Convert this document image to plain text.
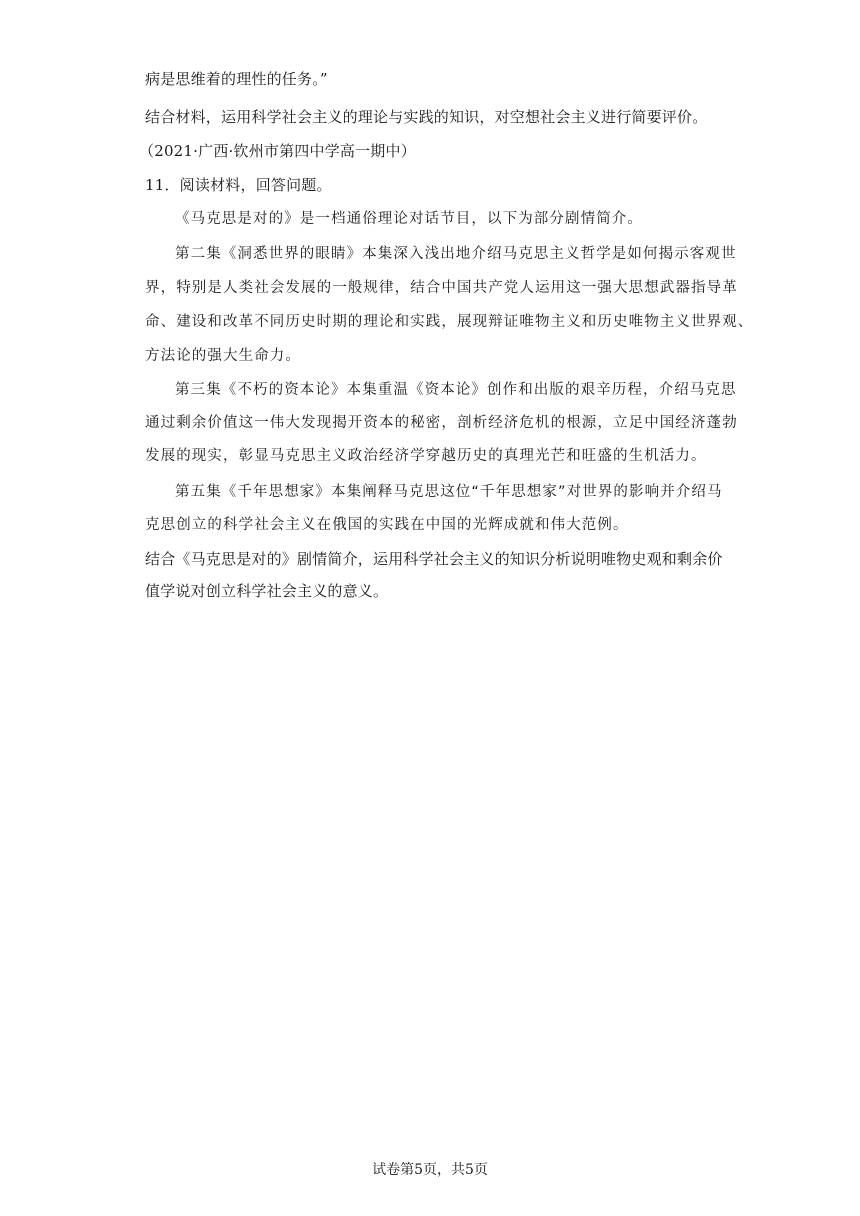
病是思维着的理性的任务。”
结合材料，运用科学社会主义的理论与实践的知识，对空想社会主义进行简要评价。
（2021·广西·钦州市第四中学高一期中）
11．阅读材料，回答问题。
《马克思是对的》是一档通俗理论对话节目，以下为部分剧情简介。
第二集《洞悉世界的眼睛》本集深入浅出地介绍马克思主义哲学是如何揭示客观世
界，特别是人类社会发展的一般规律，结合中国共产党人运用这一强大思想武器指导革
命、建设和改革不同历史时期的理论和实践，展现辩证唯物主义和历史唯物主义世界观、
方法论的强大生命力。
第三集《不朽的资本论》本集重温《资本论》创作和出版的艰辛历程，介绍马克思
通过剩余价值这一伟大发现揭开资本的秘密，剖析经济危机的根源，立足中国经济蓬勃
发展的现实，彰显马克思主义政治经济学穿越历史的真理光芒和旺盛的生机活力。
第五集《千年思想家》本集阐释马克思这位“千年思想家”对世界的影响并介绍马
克思创立的科学社会主义在俄国的实践在中国的光辉成就和伟大范例。
结合《马克思是对的》剧情简介，运用科学社会主义的知识分析说明唯物史观和剩余价
值学说对创立科学社会主义的意义。
试卷第5页，共5页
